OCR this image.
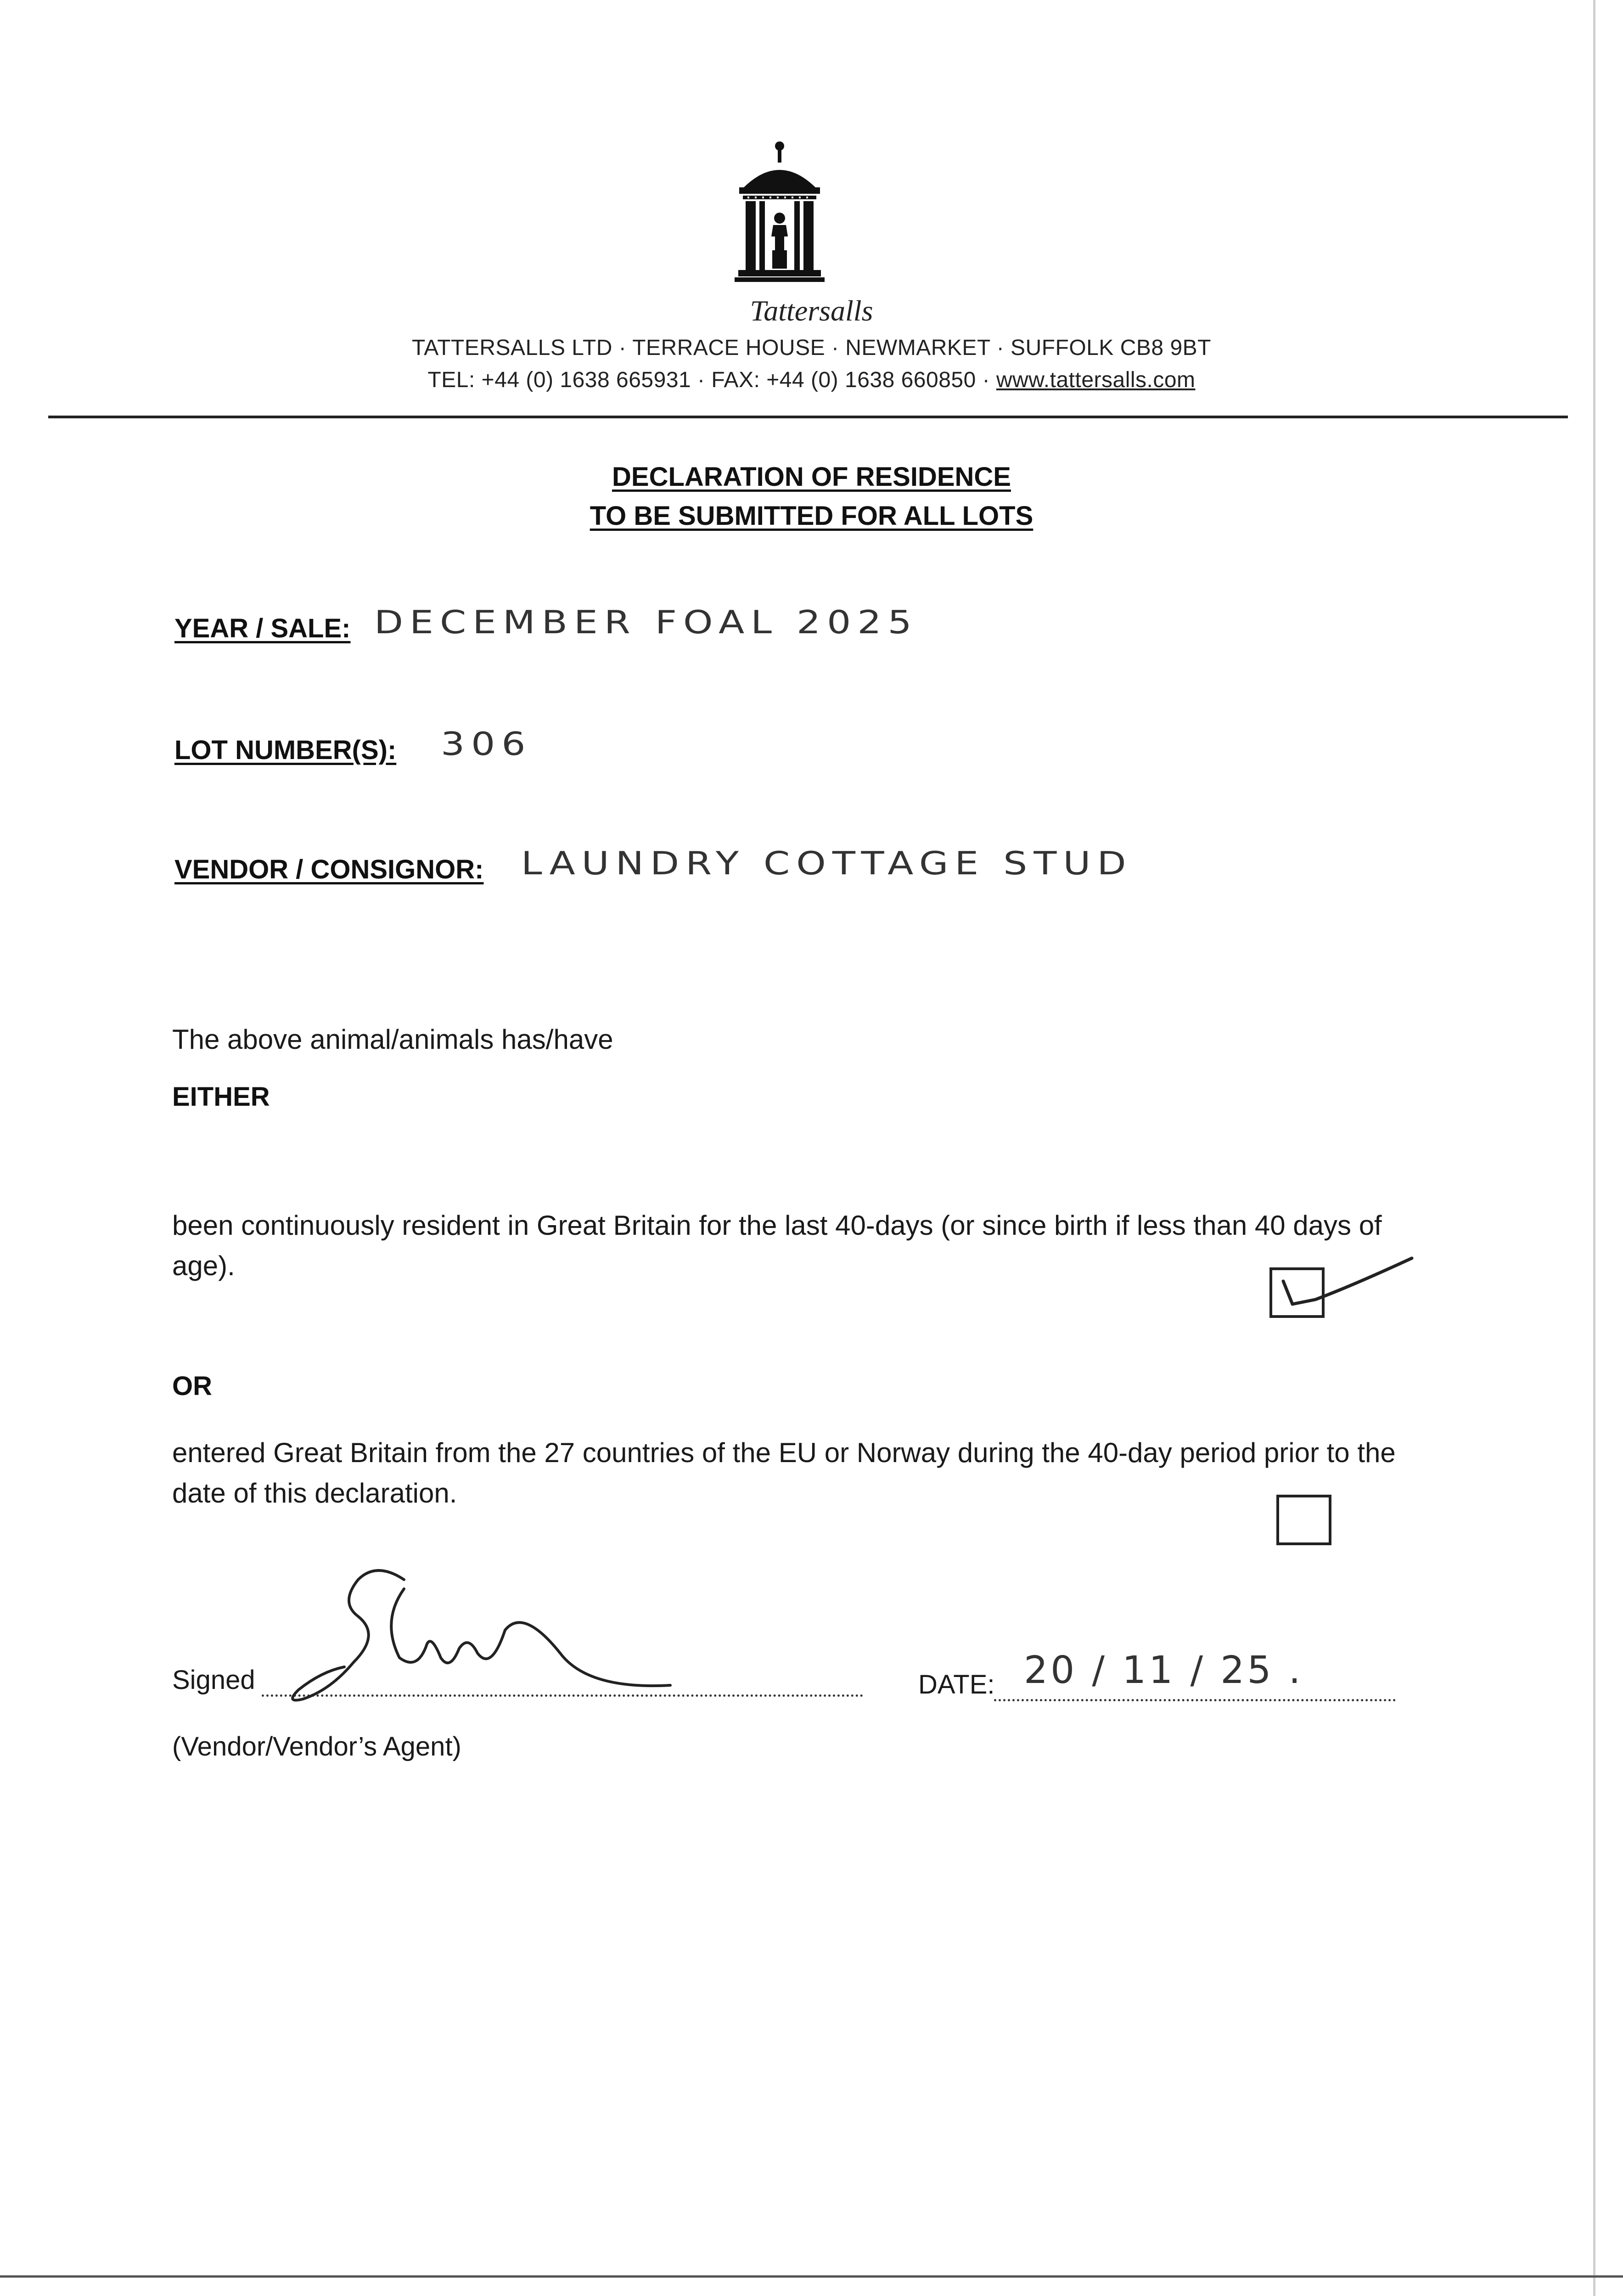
Tattersalls
TATTERSALLS LTD · TERRACE HOUSE · NEWMARKET · SUFFOLK CB8 9BT
TEL: +44 (0) 1638 665931 · FAX: +44 (0) 1638 660850 · www.tattersalls.com
DECLARATION OF RESIDENCE
TO BE SUBMITTED FOR ALL LOTS
YEAR / SALE: DECEMBER FOAL 2025
LOT NUMBER(S): 306
VENDOR / CONSIGNOR: LAUNDRY COTTAGE STUD
The above animal/animals has/have
EITHER
been continuously resident in Great Britain for the last 40-days (or since birth if less than 40 days of age).
OR
entered Great Britain from the 27 countries of the EU or Norway during the 40-day period prior to the date of this declaration.
Signed
(Vendor/Vendor’s Agent)
DATE: 20 / 11 / 25 .
